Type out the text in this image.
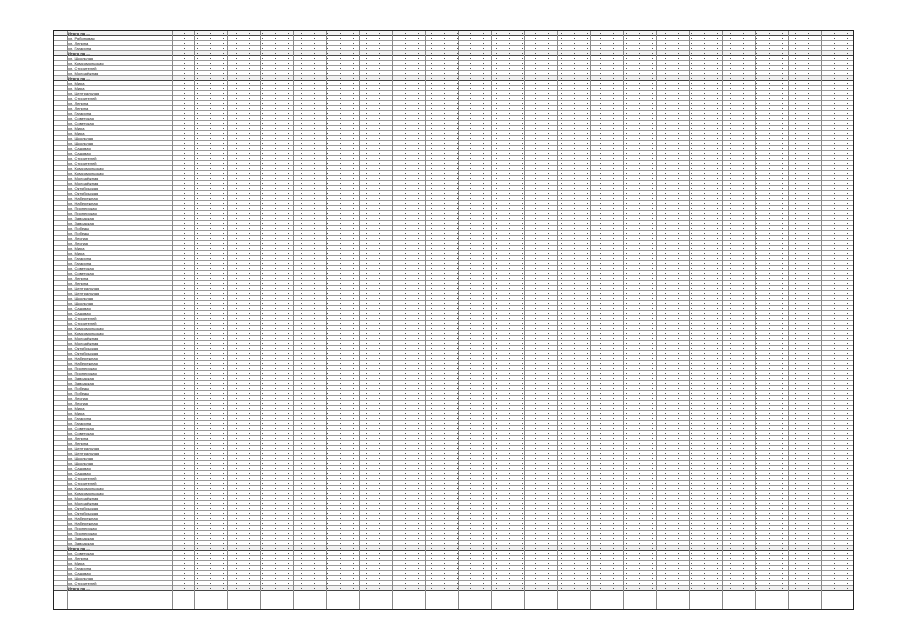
Итого по ...
ул. Рябиновая
ул. Ленина
ул. Гагарина
Итого по ...
ул. Школьная
ул. Комсомольская
ул. Строителей
ул. Молодёжная
Итого по ...
ул. Мира
ул. Мира
ул. Центральная
ул. Строителей
ул. Ленина
ул. Ленина
ул. Гагарина
ул. Советская
ул. Советская
ул. Мира
ул. Мира
ул. Школьная
ул. Школьная
ул. Садовая
ул. Садовая
ул. Строителей
ул. Строителей
ул. Комсомольская
ул. Комсомольская
ул. Молодёжная
ул. Молодёжная
ул. Октябрьская
ул. Октябрьская
ул. Набережная
ул. Набережная
ул. Пионерская
ул. Пионерская
ул. Заводская
ул. Заводская
ул. Победы
ул. Победы
ул. Лесная
ул. Лесная
ул. Мира
ул. Мира
ул. Гагарина
ул. Гагарина
ул. Советская
ул. Советская
ул. Ленина
ул. Ленина
ул. Центральная
ул. Центральная
ул. Школьная
ул. Школьная
ул. Садовая
ул. Садовая
ул. Строителей
ул. Строителей
ул. Комсомольская
ул. Комсомольская
ул. Молодёжная
ул. Молодёжная
ул. Октябрьская
ул. Октябрьская
ул. Набережная
ул. Набережная
ул. Пионерская
ул. Пионерская
ул. Заводская
ул. Заводская
ул. Победы
ул. Победы
ул. Лесная
ул. Лесная
ул. Мира
ул. Мира
ул. Гагарина
ул. Гагарина
ул. Советская
ул. Советская
ул. Ленина
ул. Ленина
ул. Центральная
ул. Центральная
ул. Школьная
ул. Школьная
ул. Садовая
ул. Садовая
ул. Строителей
ул. Строителей
ул. Комсомольская
ул. Комсомольская
ул. Молодёжная
ул. Молодёжная
ул. Октябрьская
ул. Октябрьская
ул. Набережная
ул. Набережная
ул. Пионерская
ул. Пионерская
ул. Заводская
ул. Заводская
Итого по ...
ул. Советская
ул. Ленина
ул. Мира
ул. Гагарина
ул. Садовая
ул. Школьная
ул. Строителей
Итого по ...
